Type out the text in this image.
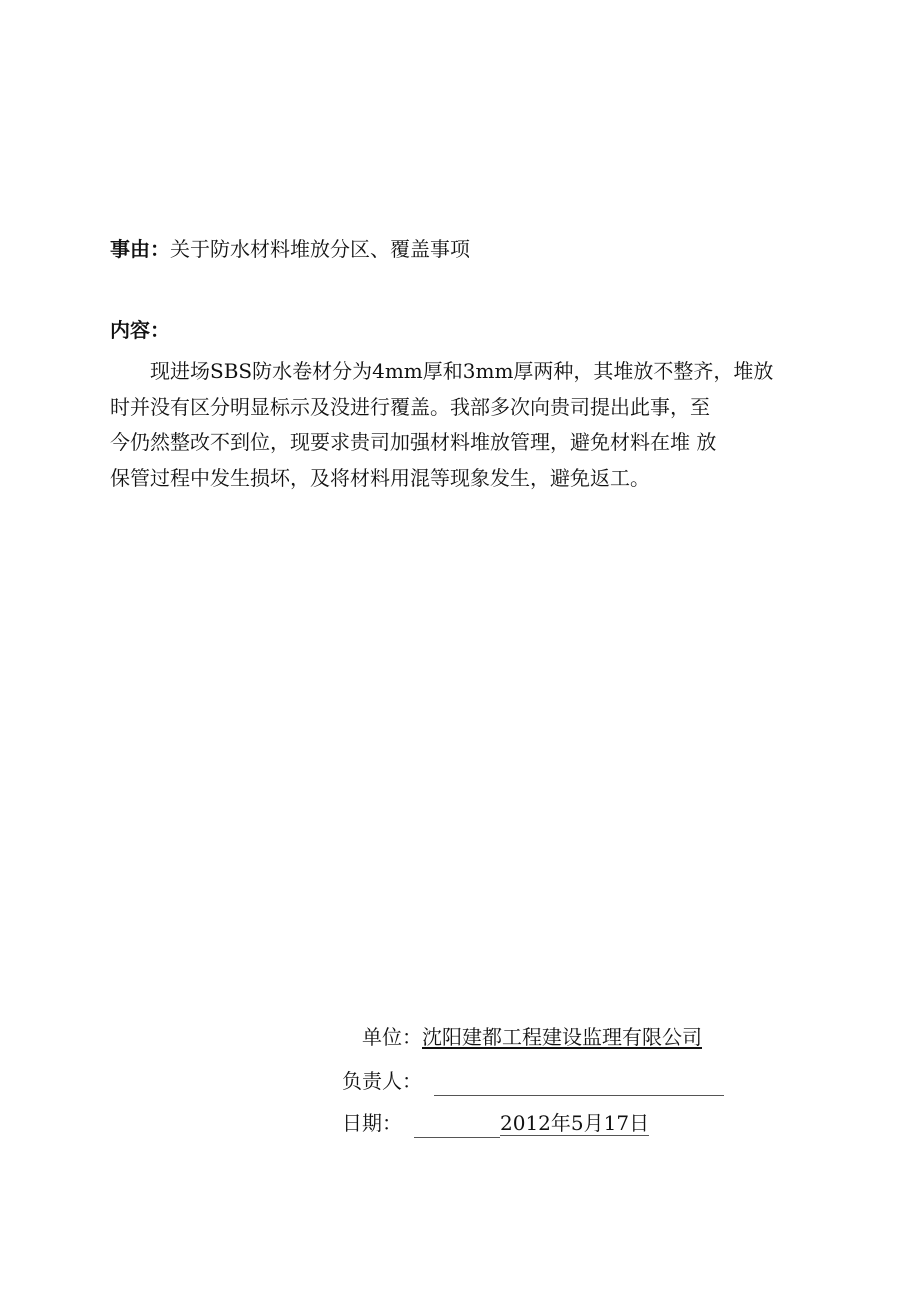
事由：关于防水材料堆放分区、覆盖事项
内容：

现进场SBS防水卷材分为4mm厚和3mm厚两种，其堆放不整齐，堆放

时并没有区分明显标示及没进行覆盖。我部多次向贵司提出此事，至

今仍然整改不到位，现要求贵司加强材料堆放管理，避免材料在堆 放

保管过程中发生损坏，及将材料用混等现象发生，避免返工。

单位：沈阳建都工程建设监理有限公司
负责人：
日期：	2012年5月17日
